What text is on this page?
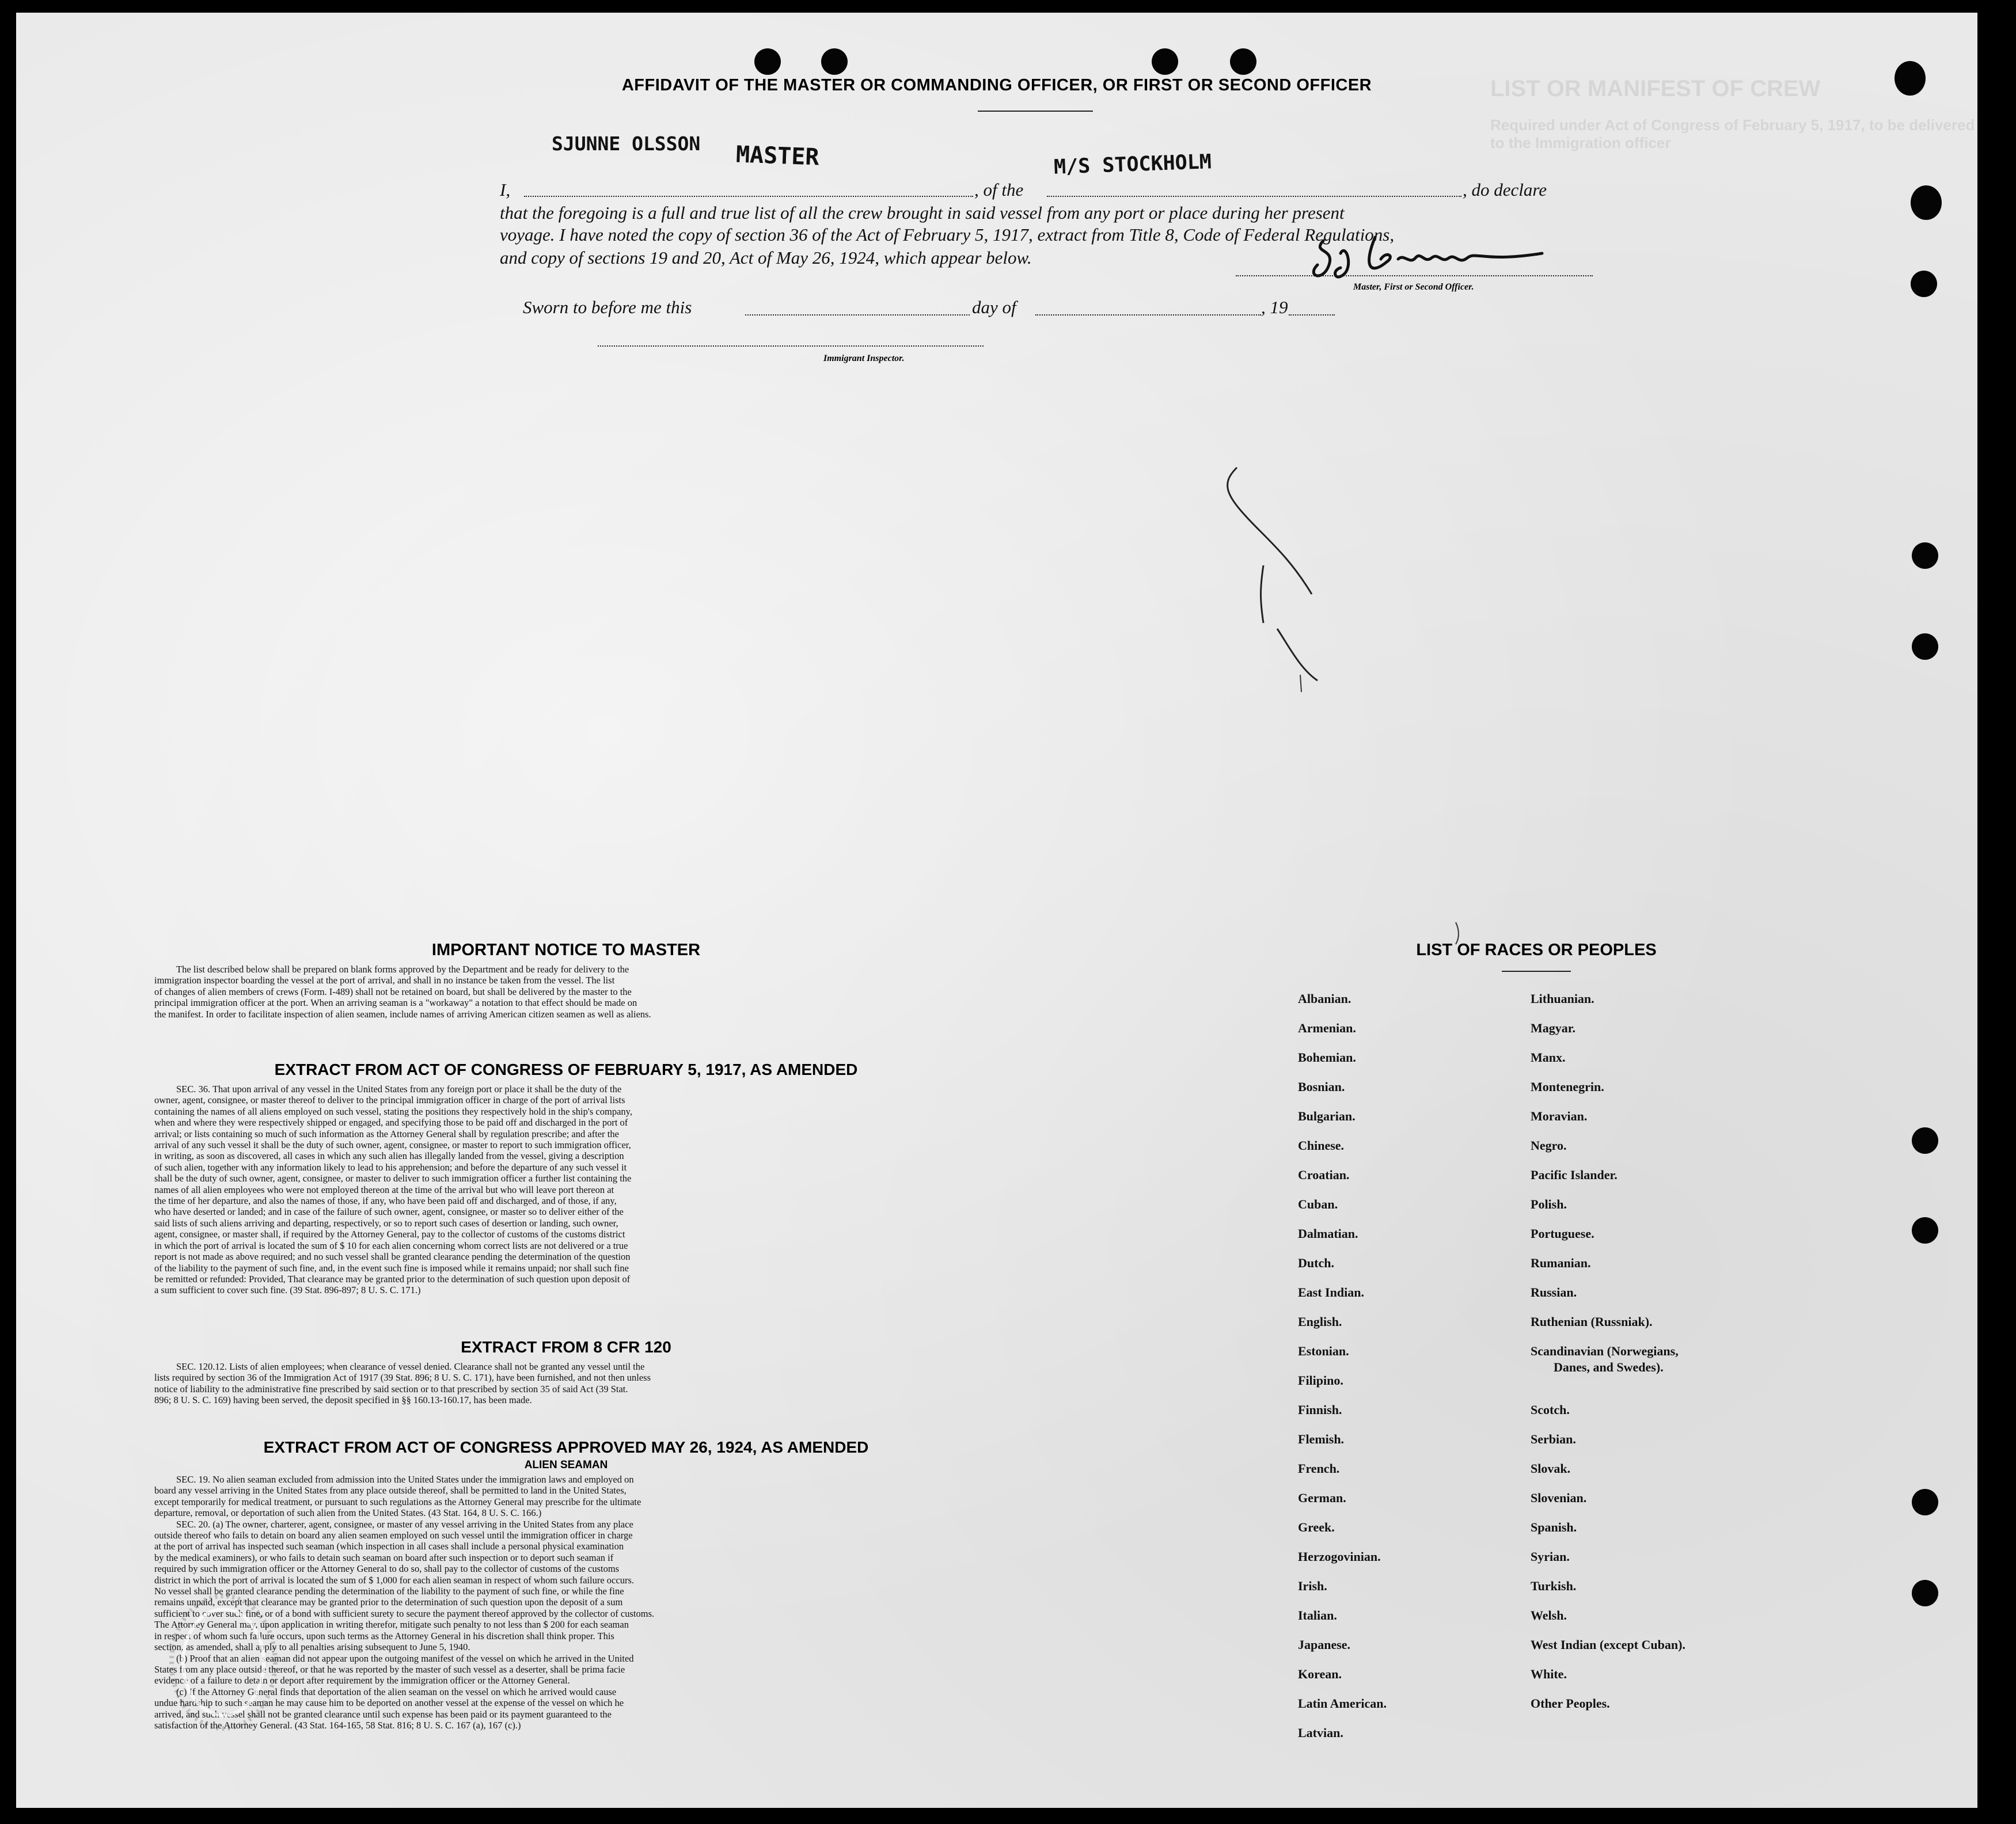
LIST OR MANIFEST OF CREW
Required under Act of Congress of February 5, 1917, to be delivered to the Immigration officer
AFFIDAVIT OF THE MASTER OR COMMANDING OFFICER, OR FIRST OR SECOND OFFICER
I,
SJUNNE OLSSON MASTER
, of the
M/S STOCKHOLM
, do declare
that the foregoing is a full and true list of all the crew brought in said vessel from any port or place during her present
voyage. I have noted the copy of section 36 of the Act of February 5, 1917, extract from Title 8, Code of Federal Regulations,
and copy of sections 19 and 20, Act of May 26, 1924, which appear below.
Master, First or Second Officer.
Sworn to before me this	day of	, 19
Immigrant Inspector.
IMPORTANT NOTICE TO MASTER
The list described below shall be prepared on blank forms approved by the Department and be ready for delivery to the
immigration inspector boarding the vessel at the port of arrival, and shall in no instance be taken from the vessel. The list
of changes of alien members of crews (Form. I-489) shall not be retained on board, but shall be delivered by the master to the
principal immigration officer at the port. When an arriving seaman is a "workaway" a notation to that effect should be made on
the manifest. In order to facilitate inspection of alien seamen, include names of arriving American citizen seamen as well as aliens.
EXTRACT FROM ACT OF CONGRESS OF FEBRUARY 5, 1917, AS AMENDED
SEC. 36. That upon arrival of any vessel in the United States from any foreign port or place it shall be the duty of the
owner, agent, consignee, or master thereof to deliver to the principal immigration officer in charge of the port of arrival lists
containing the names of all aliens employed on such vessel, stating the positions they respectively hold in the ship's company,
when and where they were respectively shipped or engaged, and specifying those to be paid off and discharged in the port of
arrival; or lists containing so much of such information as the Attorney General shall by regulation prescribe; and after the
arrival of any such vessel it shall be the duty of such owner, agent, consignee, or master to report to such immigration officer,
in writing, as soon as discovered, all cases in which any such alien has illegally landed from the vessel, giving a description
of such alien, together with any information likely to lead to his apprehension; and before the departure of any such vessel it
shall be the duty of such owner, agent, consignee, or master to deliver to such immigration officer a further list containing the
names of all alien employees who were not employed thereon at the time of the arrival but who will leave port thereon at
the time of her departure, and also the names of those, if any, who have been paid off and discharged, and of those, if any,
who have deserted or landed; and in case of the failure of such owner, agent, consignee, or master so to deliver either of the
said lists of such aliens arriving and departing, respectively, or so to report such cases of desertion or landing, such owner,
agent, consignee, or master shall, if required by the Attorney General, pay to the collector of customs of the customs district
in which the port of arrival is located the sum of $ 10 for each alien concerning whom correct lists are not delivered or a true
report is not made as above required; and no such vessel shall be granted clearance pending the determination of the question
of the liability to the payment of such fine, and, in the event such fine is imposed while it remains unpaid; nor shall such fine
be remitted or refunded: Provided, That clearance may be granted prior to the determination of such question upon deposit of
a sum sufficient to cover such fine. (39 Stat. 896-897; 8 U. S. C. 171.)
EXTRACT FROM 8 CFR 120
SEC. 120.12. Lists of alien employees; when clearance of vessel denied. Clearance shall not be granted any vessel until the
lists required by section 36 of the Immigration Act of 1917 (39 Stat. 896; 8 U. S. C. 171), have been furnished, and not then unless
notice of liability to the administrative fine prescribed by said section or to that prescribed by section 35 of said Act (39 Stat.
896; 8 U. S. C. 169) having been served, the deposit specified in §§ 160.13-160.17, has been made.
EXTRACT FROM ACT OF CONGRESS APPROVED MAY 26, 1924, AS AMENDED
ALIEN SEAMAN
SEC. 19. No alien seaman excluded from admission into the United States under the immigration laws and employed on
board any vessel arriving in the United States from any place outside thereof, shall be permitted to land in the United States,
except temporarily for medical treatment, or pursuant to such regulations as the Attorney General may prescribe for the ultimate
departure, removal, or deportation of such alien from the United States. (43 Stat. 164, 8 U. S. C. 166.)
SEC. 20. (a) The owner, charterer, agent, consignee, or master of any vessel arriving in the United States from any place
outside thereof who fails to detain on board any alien seamen employed on such vessel until the immigration officer in charge
at the port of arrival has inspected such seaman (which inspection in all cases shall include a personal physical examination
by the medical examiners), or who fails to detain such seaman on board after such inspection or to deport such seaman if
required by such immigration officer or the Attorney General to do so, shall pay to the collector of customs of the customs
district in which the port of arrival is located the sum of $ 1,000 for each alien seaman in respect of whom such failure occurs.
No vessel shall be granted clearance pending the determination of the liability to the payment of such fine, or while the fine
remains unpaid, except that clearance may be granted prior to the determination of such question upon the deposit of a sum
sufficient to cover such fine, or of a bond with sufficient surety to secure the payment thereof approved by the collector of customs.
The Attorney General may, upon application in writing therefor, mitigate such penalty to not less than $ 200 for each seaman
in respect of whom such failure occurs, upon such terms as the Attorney General in his discretion shall think proper. This
section, as amended, shall apply to all penalties arising subsequent to June 5, 1940.
(b) Proof that an alien seaman did not appear upon the outgoing manifest of the vessel on which he arrived in the United
States from any place outside thereof, or that he was reported by the master of such vessel as a deserter, shall be prima facie
evidence of a failure to detain or deport after requirement by the immigration officer or the Attorney General.
(c) If the Attorney General finds that deportation of the alien seaman on the vessel on which he arrived would cause
undue hardship to such seaman he may cause him to be deported on another vessel at the expense of the vessel on which he
arrived, and such vessel shall not be granted clearance until such expense has been paid or its payment guaranteed to the
satisfaction of the Attorney General. (43 Stat. 164-165, 58 Stat. 816; 8 U. S. C. 167 (a), 167 (c).)
LIST OF RACES OR PEOPLES
Albanian.
Armenian.
Bohemian.
Bosnian.
Bulgarian.
Chinese.
Croatian.
Cuban.
Dalmatian.
Dutch.
East Indian.
English.
Estonian.
Filipino.
Finnish.
Flemish.
French.
German.
Greek.
Herzogovinian.
Irish.
Italian.
Japanese.
Korean.
Latin American.
Latvian.
Lithuanian.
Magyar.
Manx.
Montenegrin.
Moravian.
Negro.
Pacific Islander.
Polish.
Portuguese.
Rumanian.
Russian.
Ruthenian (Russniak).
Scandinavian (Norwegians,
Danes, and Swedes).
Scotch.
Serbian.
Slovak.
Slovenian.
Spanish.
Syrian.
Turkish.
Welsh.
West Indian (except Cuban).
White.
Other Peoples.
